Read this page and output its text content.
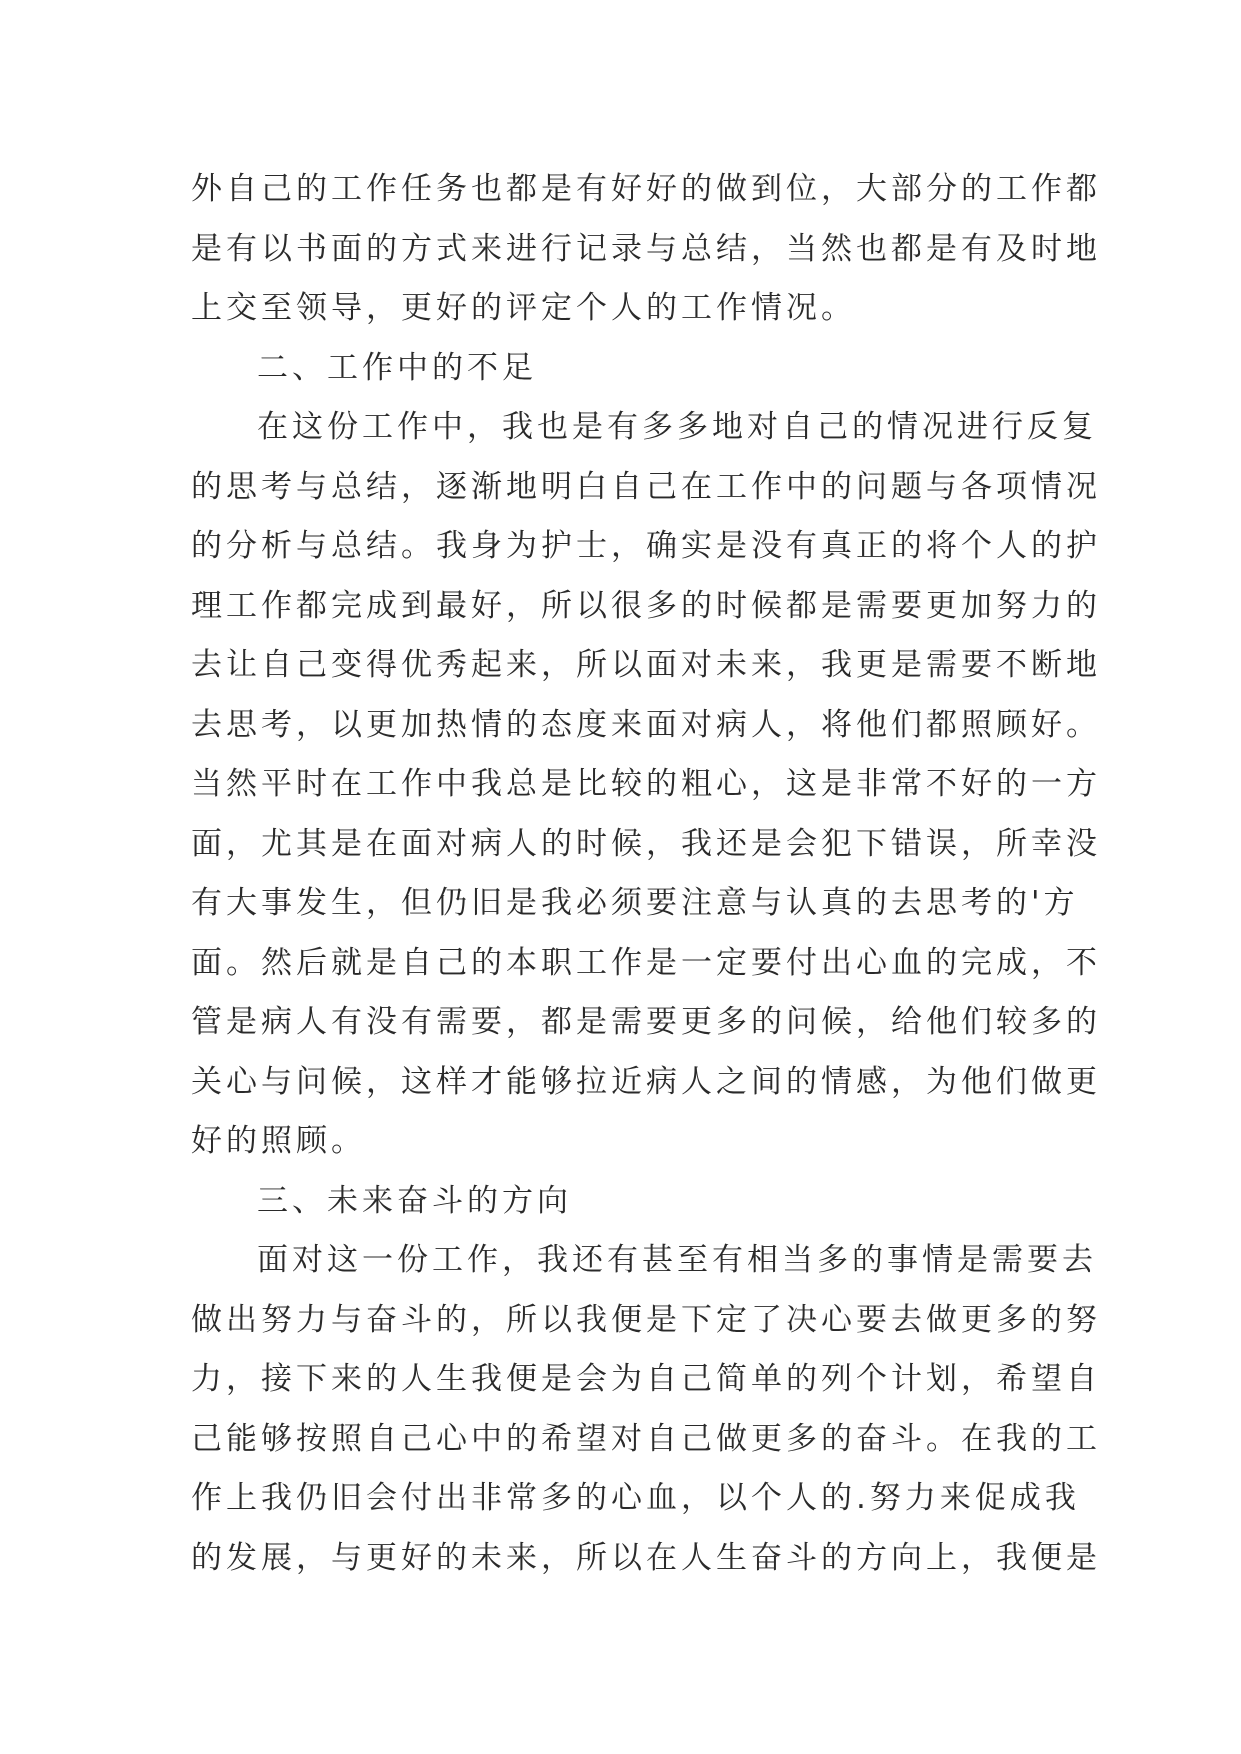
外自己的工作任务也都是有好好的做到位，大部分的工作都
是有以书面的方式来进行记录与总结，当然也都是有及时地
上交至领导，更好的评定个人的工作情况。
二、工作中的不足
在这份工作中，我也是有多多地对自己的情况进行反复
的思考与总结，逐渐地明白自己在工作中的问题与各项情况
的分析与总结。我身为护士，确实是没有真正的将个人的护
理工作都完成到最好，所以很多的时候都是需要更加努力的
去让自己变得优秀起来，所以面对未来，我更是需要不断地
去思考，以更加热情的态度来面对病人，将他们都照顾好。
当然平时在工作中我总是比较的粗心，这是非常不好的一方
面，尤其是在面对病人的时候，我还是会犯下错误，所幸没
有大事发生，但仍旧是我必须要注意与认真的去思考的'方
面。然后就是自己的本职工作是一定要付出心血的完成，不
管是病人有没有需要，都是需要更多的问候，给他们较多的
关心与问候，这样才能够拉近病人之间的情感，为他们做更
好的照顾。
三、未来奋斗的方向
面对这一份工作，我还有甚至有相当多的事情是需要去
做出努力与奋斗的，所以我便是下定了决心要去做更多的努
力，接下来的人生我便是会为自己简单的列个计划，希望自
己能够按照自己心中的希望对自己做更多的奋斗。在我的工
作上我仍旧会付出非常多的心血，以个人的.努力来促成我
的发展，与更好的未来，所以在人生奋斗的方向上，我便是
